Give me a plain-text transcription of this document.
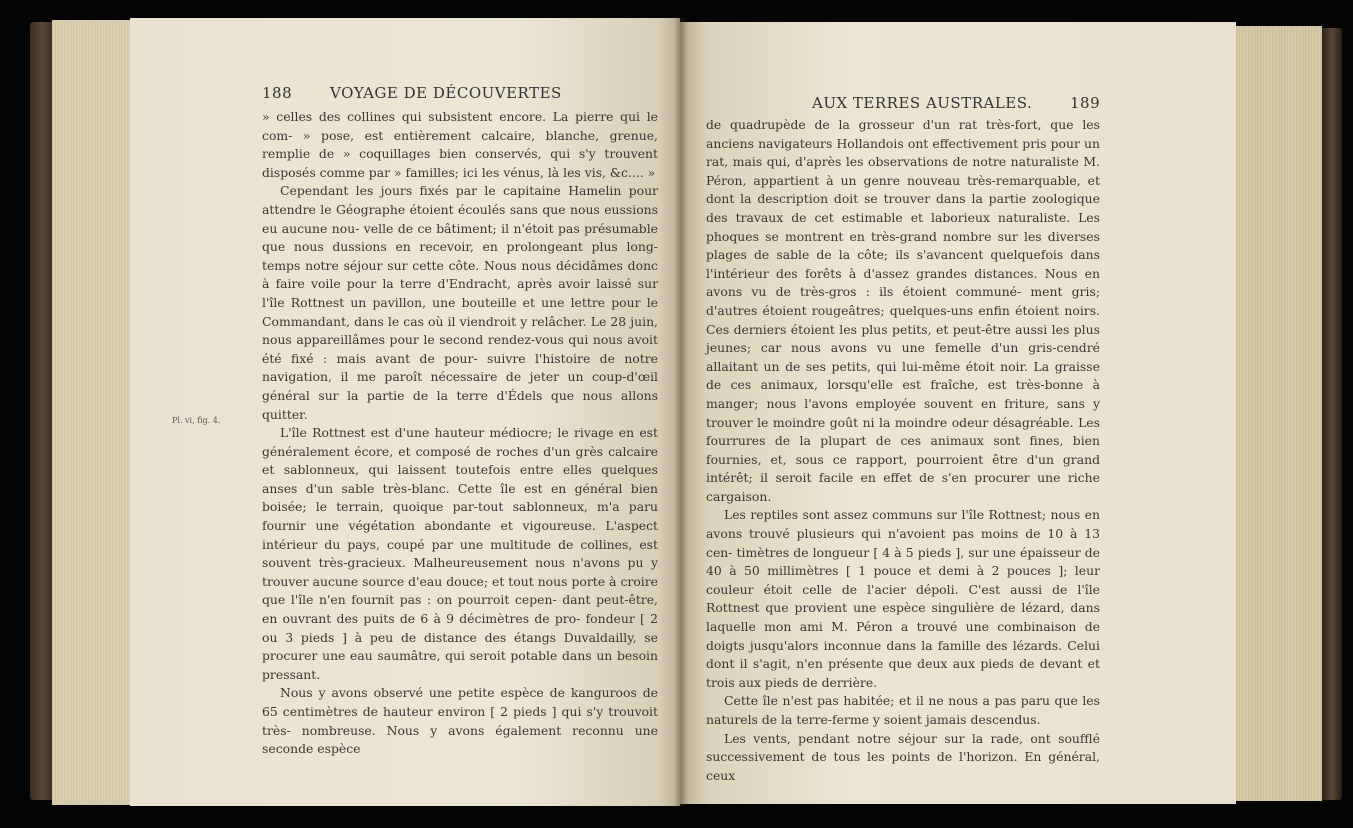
188	VOYAGE DE DÉCOUVERTES
Pl. vi, fig. 4.

» celles des collines qui subsistent encore. La pierre qui le com- » pose, est entièrement calcaire, blanche, grenue, remplie de » coquillages bien conservés, qui s'y trouvent disposés comme par » familles; ici les vénus, là les vis, &c.... »

Cependant les jours fixés par le capitaine Hamelin pour attendre le Géographe étoient écoulés sans que nous eussions eu aucune nou- velle de ce bâtiment; il n'étoit pas présumable que nous dussions en recevoir, en prolongeant plus long-temps notre séjour sur cette côte. Nous nous décidâmes donc à faire voile pour la terre d'Endracht, après avoir laissé sur l'île Rottnest un pavillon, une bouteille et une lettre pour le Commandant, dans le cas où il viendroit y relâcher. Le 28 juin, nous appareillâmes pour le second rendez-vous qui nous avoit été fixé : mais avant de pour- suivre l'histoire de notre navigation, il me paroît nécessaire de jeter un coup-d'œil général sur la partie de la terre d'Édels que nous allons quitter.

L'île Rottnest est d'une hauteur médiocre; le rivage en est généralement écore, et composé de roches d'un grès calcaire et sablonneux, qui laissent toutefois entre elles quelques anses d'un sable très-blanc. Cette île est en général bien boisée; le terrain, quoique par-tout sablonneux, m'a paru fournir une végétation abondante et vigoureuse. L'aspect intérieur du pays, coupé par une multitude de collines, est souvent très-gracieux. Malheureusement nous n'avons pu y trouver aucune source d'eau douce; et tout nous porte à croire que l'île n'en fournit pas : on pourroit cepen- dant peut-être, en ouvrant des puits de 6 à 9 décimètres de pro- fondeur [ 2 ou 3 pieds ] à peu de distance des étangs Duvaldailly, se procurer une eau saumâtre, qui seroit potable dans un besoin pressant.

Nous y avons observé une petite espèce de kanguroos de 65 centimètres de hauteur environ [ 2 pieds ] qui s'y trouvoit très- nombreuse. Nous y avons également reconnu une seconde espèce

AUX TERRES AUSTRALES.	189

de quadrupède de la grosseur d'un rat très-fort, que les anciens navigateurs Hollandois ont effectivement pris pour un rat, mais qui, d'après les observations de notre naturaliste M. Péron, appartient à un genre nouveau très-remarquable, et dont la description doit se trouver dans la partie zoologique des travaux de cet estimable et laborieux naturaliste. Les phoques se montrent en très-grand nombre sur les diverses plages de sable de la côte; ils s'avancent quelquefois dans l'intérieur des forêts à d'assez grandes distances. Nous en avons vu de très-gros : ils étoient communé- ment gris; d'autres étoient rougeâtres; quelques-uns enfin étoient noirs. Ces derniers étoient les plus petits, et peut-être aussi les plus jeunes; car nous avons vu une femelle d'un gris-cendré allaitant un de ses petits, qui lui-même étoit noir. La graisse de ces animaux, lorsqu'elle est fraîche, est très-bonne à manger; nous l'avons employée souvent en friture, sans y trouver le moindre goût ni la moindre odeur désagréable. Les fourrures de la plupart de ces animaux sont fines, bien fournies, et, sous ce rapport, pourroient être d'un grand intérêt; il seroit facile en effet de s'en procurer une riche cargaison.

Les reptiles sont assez communs sur l'île Rottnest; nous en avons trouvé plusieurs qui n'avoient pas moins de 10 à 13 cen- timètres de longueur [ 4 à 5 pieds ], sur une épaisseur de 40 à 50 millimètres [ 1 pouce et demi à 2 pouces ]; leur couleur étoit celle de l'acier dépoli. C'est aussi de l'île Rottnest que provient une espèce singulière de lézard, dans laquelle mon ami M. Péron a trouvé une combinaison de doigts jusqu'alors inconnue dans la famille des lézards. Celui dont il s'agit, n'en présente que deux aux pieds de devant et trois aux pieds de derrière.

Cette île n'est pas habitée; et il ne nous a pas paru que les naturels de la terre-ferme y soient jamais descendus.

Les vents, pendant notre séjour sur la rade, ont soufflé successivement de tous les points de l'horizon. En général, ceux
